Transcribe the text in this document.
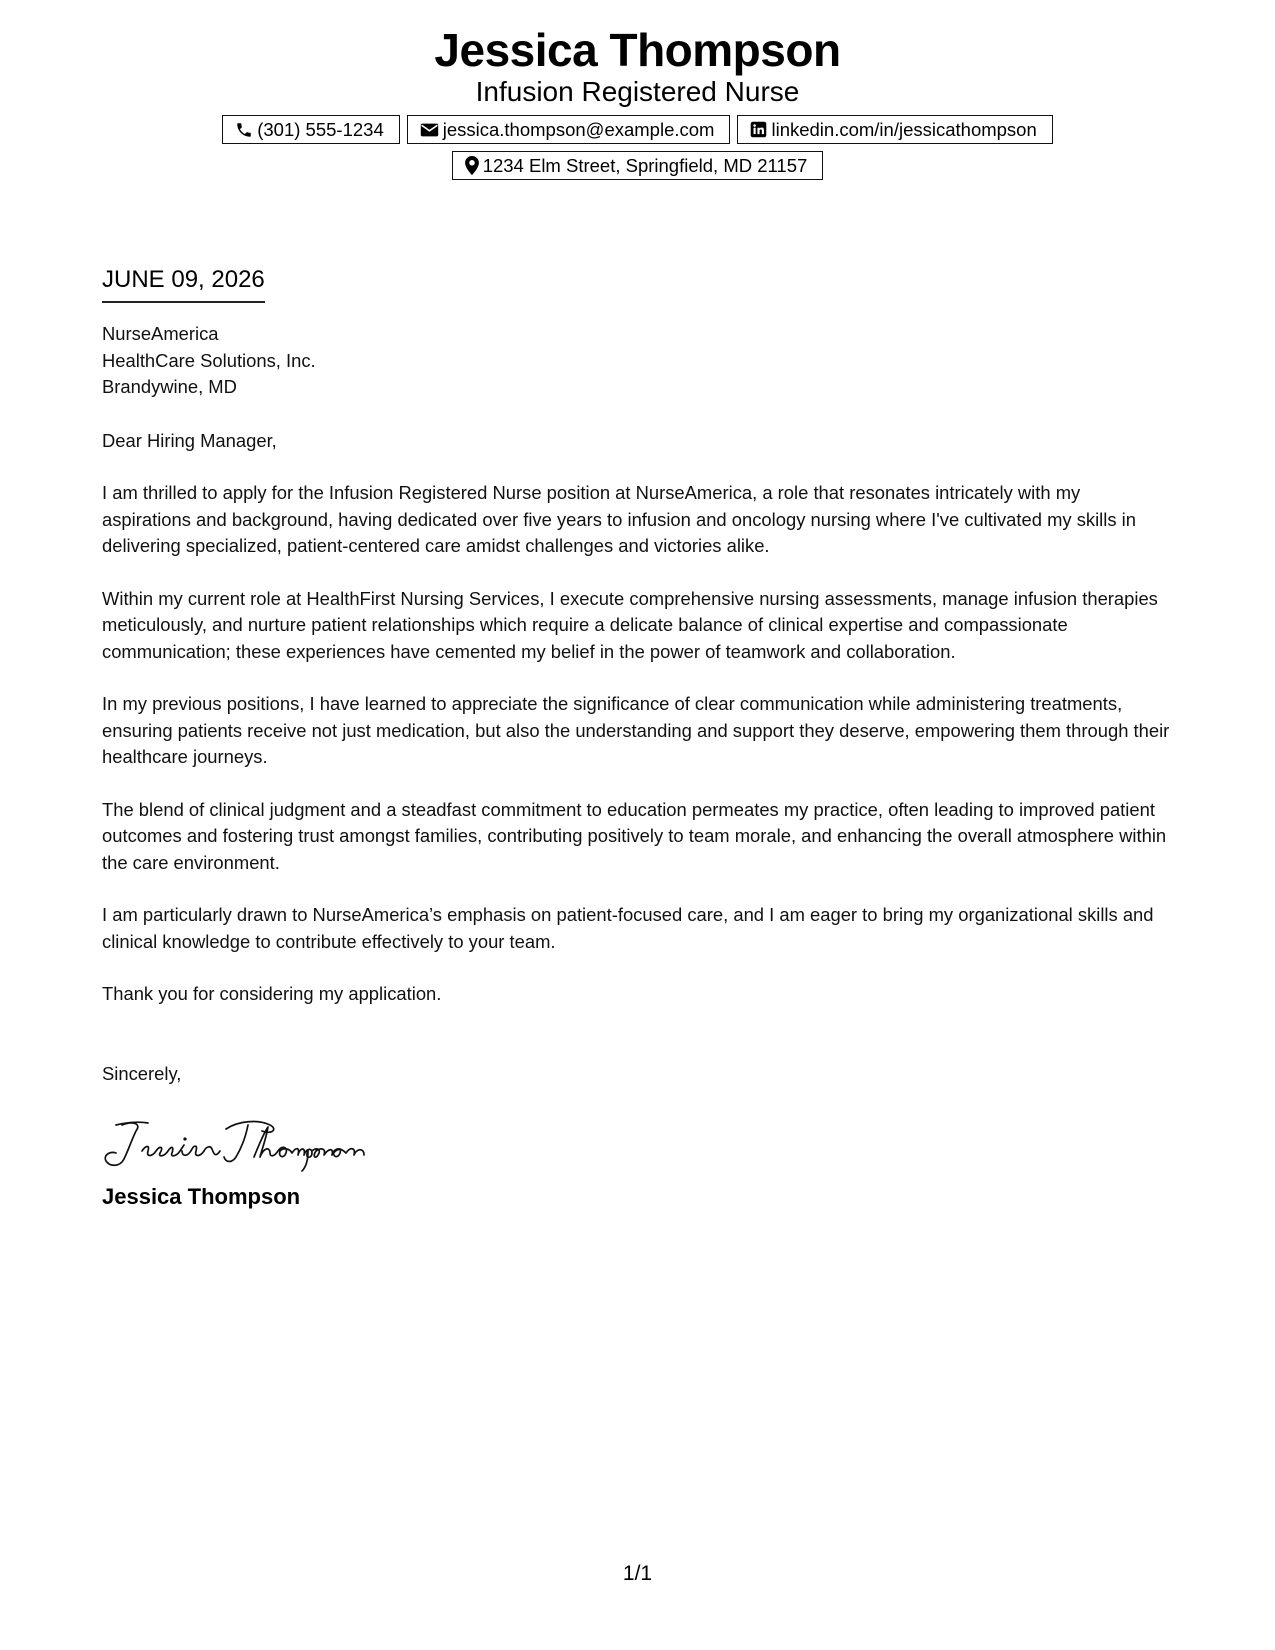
Jessica Thompson
Infusion Registered Nurse
(301) 555-1234	jessica.thompson@example.com	linkedin.com/in/jessicathompson
1234 Elm Street, Springfield, MD 21157
JUNE 09, 2026
NurseAmerica
HealthCare Solutions, Inc.
Brandywine, MD
Dear Hiring Manager,
I am thrilled to apply for the Infusion Registered Nurse position at NurseAmerica, a role that resonates intricately with my aspirations and background, having dedicated over five years to infusion and oncology nursing where I've cultivated my skills in delivering specialized, patient-centered care amidst challenges and victories alike.
Within my current role at HealthFirst Nursing Services, I execute comprehensive nursing assessments, manage infusion therapies meticulously, and nurture patient relationships which require a delicate balance of clinical expertise and compassionate communication; these experiences have cemented my belief in the power of teamwork and collaboration.
In my previous positions, I have learned to appreciate the significance of clear communication while administering treatments, ensuring patients receive not just medication, but also the understanding and support they deserve, empowering them through their healthcare journeys.
The blend of clinical judgment and a steadfast commitment to education permeates my practice, often leading to improved patient outcomes and fostering trust amongst families, contributing positively to team morale, and enhancing the overall atmosphere within the care environment.
I am particularly drawn to NurseAmerica’s emphasis on patient-focused care, and I am eager to bring my organizational skills and clinical knowledge to contribute effectively to your team.
Thank you for considering my application.
Sincerely,
Jessica Thompson
1/1
